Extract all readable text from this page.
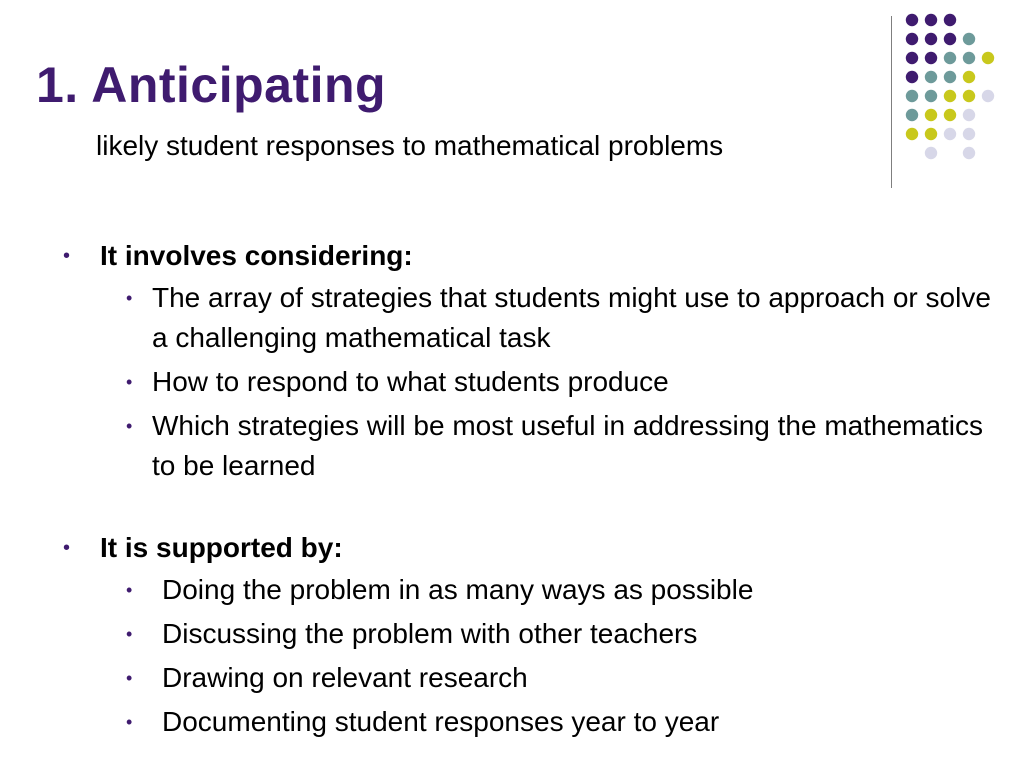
1. Anticipating

likely student responses to mathematical problems

• It involves considering:
• The array of strategies that students might use to approach or solve a challenging mathematical task
• How to respond to what students produce
• Which strategies will be most useful in addressing the mathematics to be learned
• It is supported by:
• Doing the problem in as many ways as possible
• Discussing the problem with other teachers
• Drawing on relevant research
• Documenting student responses year to year
